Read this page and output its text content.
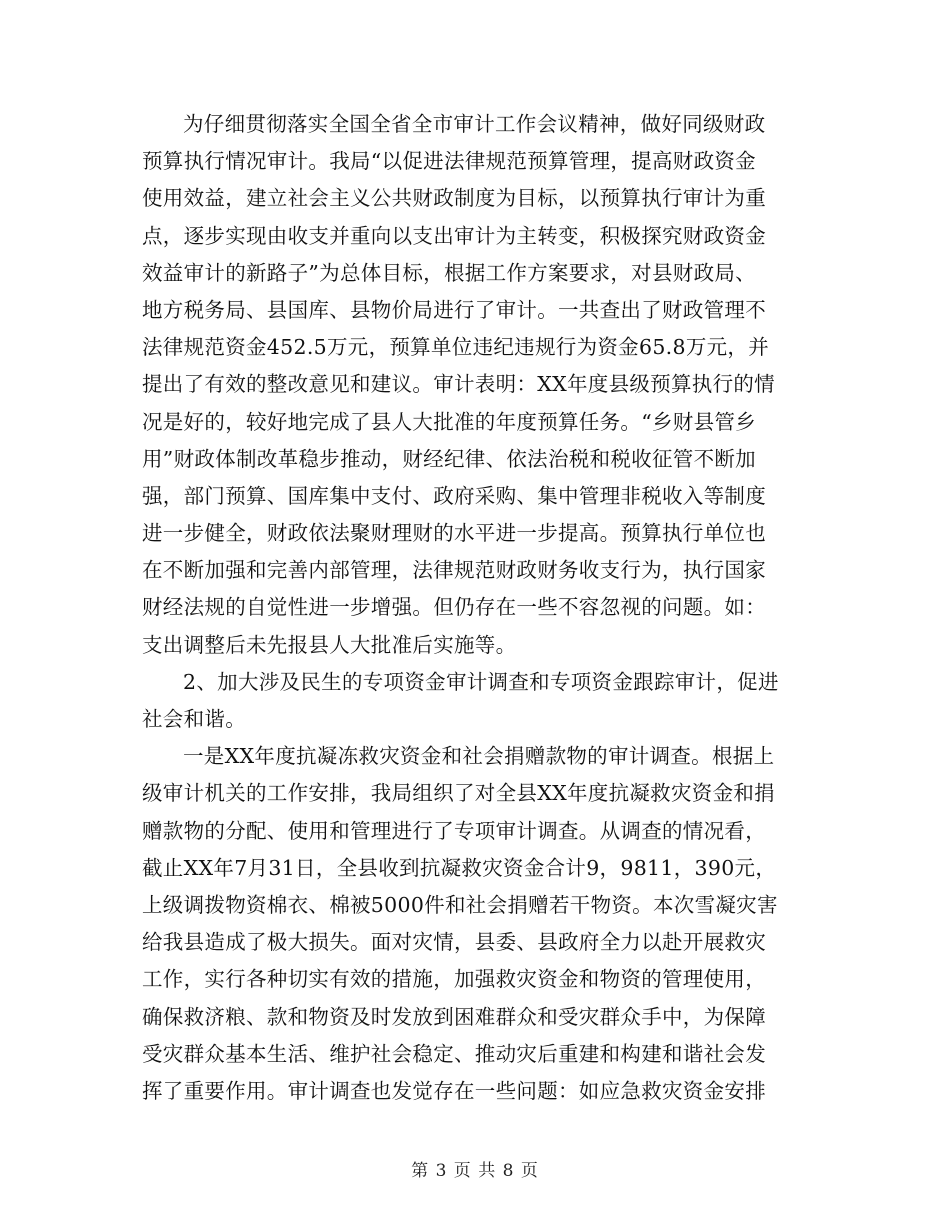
为仔细贯彻落实全国全省全市审计工作会议精神，做好同级财政
预算执行情况审计。我局“以促进法律规范预算管理，提高财政资金
使用效益，建立社会主义公共财政制度为目标，以预算执行审计为重
点，逐步实现由收支并重向以支出审计为主转变，积极探究财政资金
效益审计的新路子”为总体目标，根据工作方案要求，对县财政局、
地方税务局、县国库、县物价局进行了审计。一共查出了财政管理不
法律规范资金452.5万元，预算单位违纪违规行为资金65.8万元，并
提出了有效的整改意见和建议。审计表明：XX年度县级预算执行的情
况是好的，较好地完成了县人大批准的年度预算任务。“乡财县管乡
用”财政体制改革稳步推动，财经纪律、依法治税和税收征管不断加
强，部门预算、国库集中支付、政府采购、集中管理非税收入等制度
进一步健全，财政依法聚财理财的水平进一步提高。预算执行单位也
在不断加强和完善内部管理，法律规范财政财务收支行为，执行国家
财经法规的自觉性进一步增强。但仍存在一些不容忽视的问题。如：
支出调整后未先报县人大批准后实施等。
2、加大涉及民生的专项资金审计调查和专项资金跟踪审计，促进
社会和谐。
一是XX年度抗凝冻救灾资金和社会捐赠款物的审计调查。根据上
级审计机关的工作安排，我局组织了对全县XX年度抗凝救灾资金和捐
赠款物的分配、使用和管理进行了专项审计调查。从调查的情况看，
截止XX年7月31日，全县收到抗凝救灾资金合计9，9811，390元，
上级调拨物资棉衣、棉被5000件和社会捐赠若干物资。本次雪凝灾害
给我县造成了极大损失。面对灾情，县委、县政府全力以赴开展救灾
工作，实行各种切实有效的措施，加强救灾资金和物资的管理使用，
确保救济粮、款和物资及时发放到困难群众和受灾群众手中，为保障
受灾群众基本生活、维护社会稳定、推动灾后重建和构建和谐社会发
挥了重要作用。审计调查也发觉存在一些问题：如应急救灾资金安排
第 3 页 共 8 页
